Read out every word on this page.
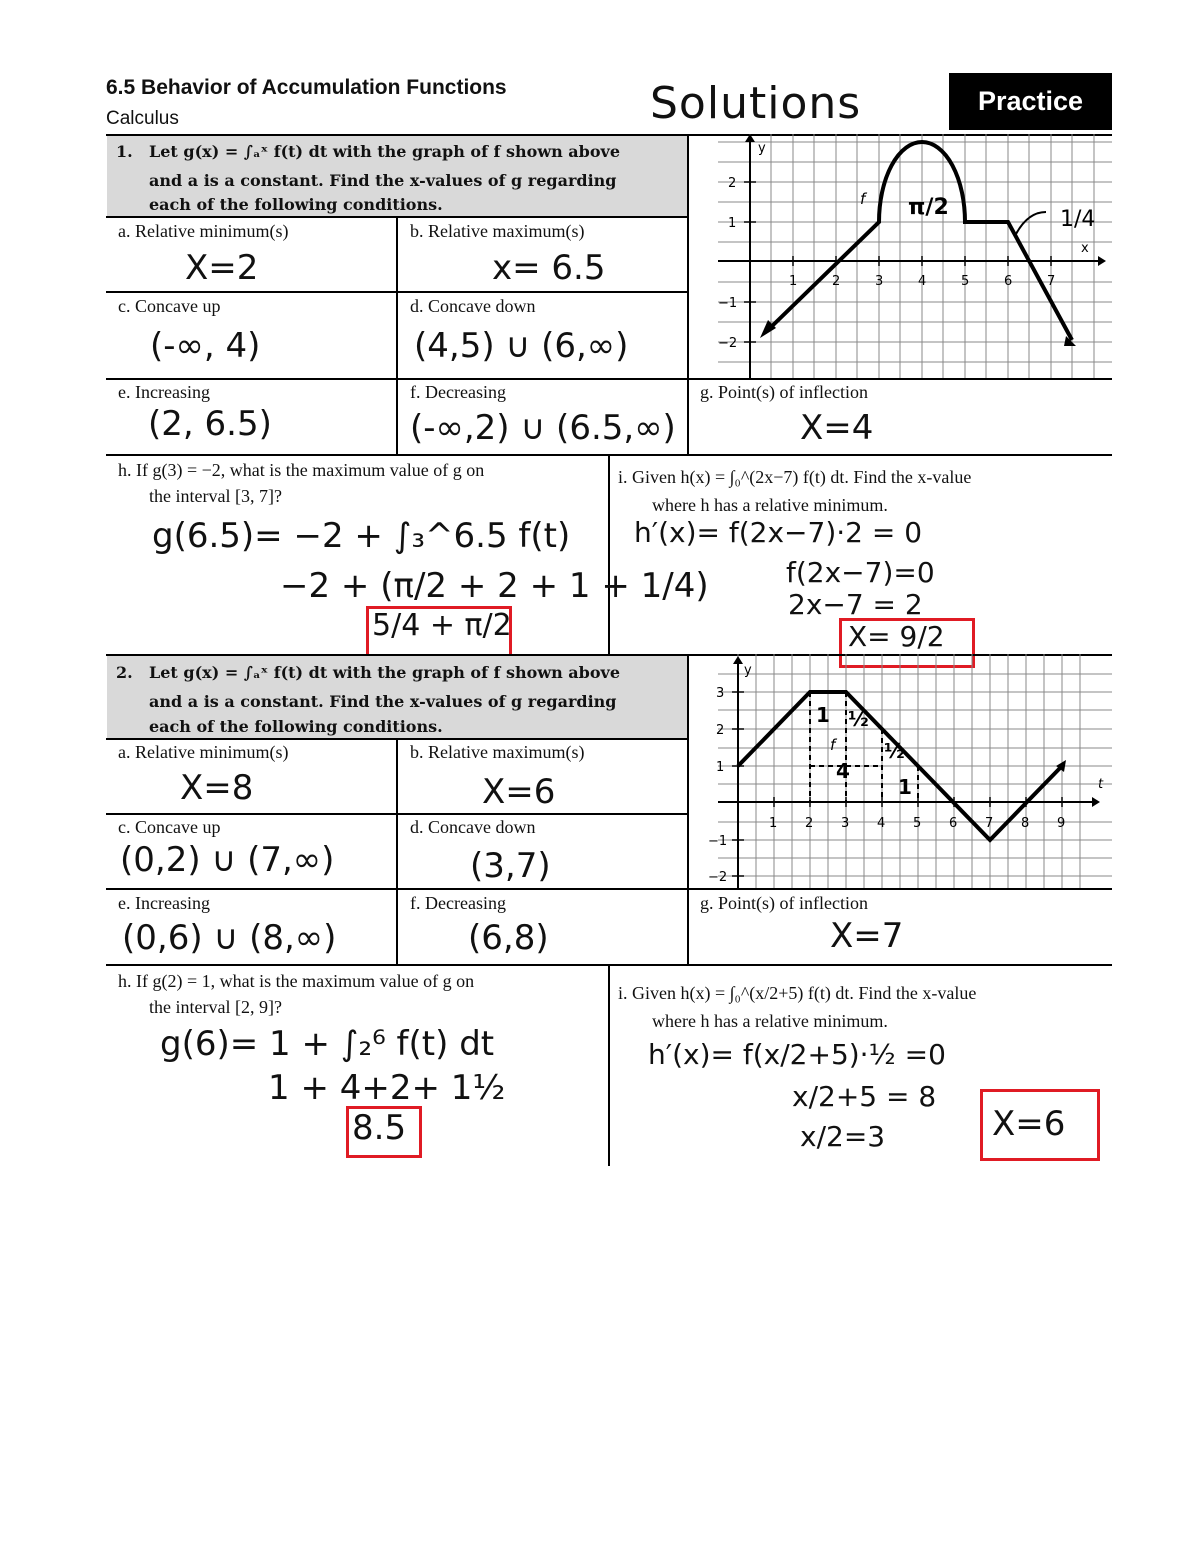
6.5 Behavior of Accumulation Functions
Calculus	Solutions	Practice
1. Let g(x) = ∫ₐˣ f(t) dt with the graph of f shown above
and a is a constant. Find the x-values of g regarding
each of the following conditions.
a. Relative minimum(s)
X=2
b. Relative maximum(s)
x= 6.5
c. Concave up
(-∞, 4)
d. Concave down
(4,5) ∪ (6,∞)
e. Increasing
(2, 6.5)
f. Decreasing
(-∞,2) ∪ (6.5,∞)
g. Point(s) of inflection
X=4
h. If g(3) = −2, what is the maximum value of g on
the interval [3, 7]?
g(6.5)= −2 + ∫₃^6.5 f(t)
−2 + (π/2 + 2 + 1 + 1/4)
5/4 + π/2
i. Given h(x) = ∫₀^(2x−7) f(t) dt. Find the x-value
where h has a relative minimum.
h′(x)= f(2x−7)·2 = 0
f(2x−7)=0
2x−7 = 2
X= 9/2
1	2	3	4	5	6	7
2
1
−1
−2
y
x
f π/2	1/4
2. Let g(x) = ∫ₐˣ f(t) dt with the graph of f shown above
and a is a constant. Find the x-values of g regarding
each of the following conditions.
a. Relative minimum(s)
X=8
b. Relative maximum(s)
X=6
c. Concave up
(0,2) ∪ (7,∞)
d. Concave down
(3,7)
e. Increasing
(0,6) ∪ (8,∞)
f. Decreasing
(6,8)
g. Point(s) of inflection
X=7
h. If g(2) = 1, what is the maximum value of g on
the interval [2, 9]?
g(6)= 1 + ∫₂⁶ f(t) dt
1 + 4+2+ 1½
8.5
i. Given h(x) = ∫₀^(x/2+5) f(t) dt. Find the x-value
where h has a relative minimum.
h′(x)= f(x/2+5)·½ =0
x/2+5 = 8
x/2=3	X=6
1 2 3 4 5 6 7 8 9
3
2
1
−1
−2
y
t
f
1 ½
4
1
½
